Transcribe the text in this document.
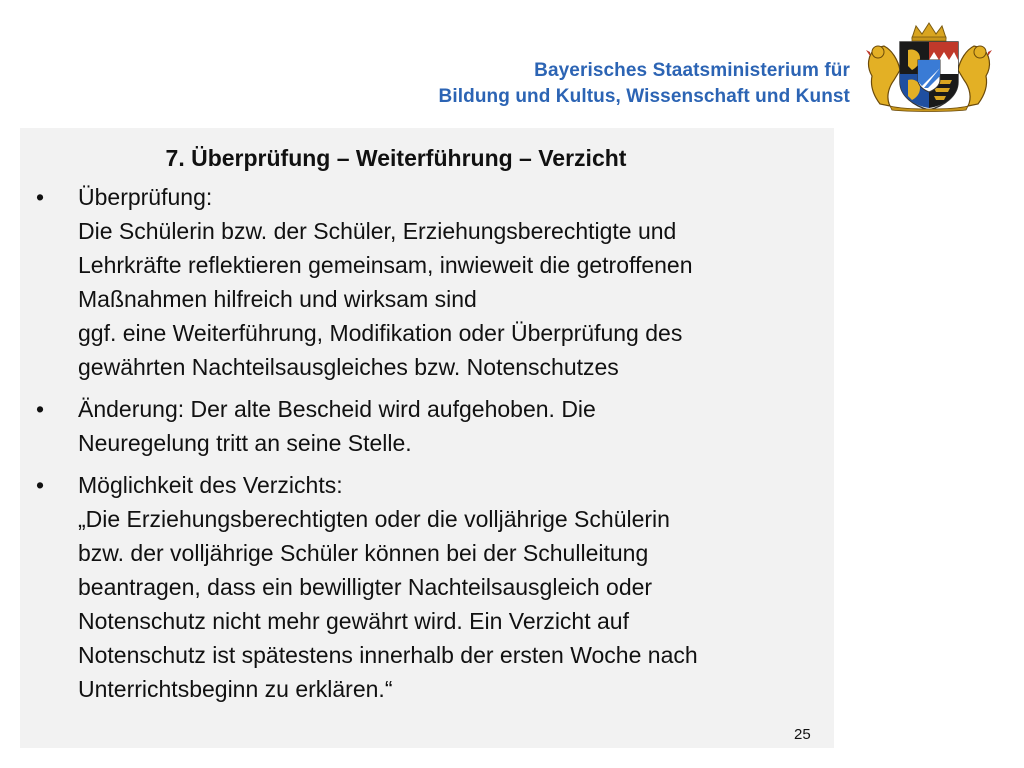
Bayerisches Staatsministerium für
Bildung und Kultus, Wissenschaft und Kunst
7. Überprüfung – Weiterführung – Verzicht
• Überprüfung:
Die Schülerin bzw. der Schüler, Erziehungsberechtigte und
Lehrkräfte reflektieren gemeinsam, inwieweit die getroffenen
Maßnahmen hilfreich und wirksam sind
ggf. eine Weiterführung, Modifikation oder Überprüfung des
gewährten Nachteilsausgleiches bzw. Notenschutzes
• Änderung: Der alte Bescheid wird aufgehoben. Die
Neuregelung tritt an seine Stelle.
• Möglichkeit des Verzichts:
„Die Erziehungsberechtigten oder die volljährige Schülerin
bzw. der volljährige Schüler können bei der Schulleitung
beantragen, dass ein bewilligter Nachteilsausgleich oder
Notenschutz nicht mehr gewährt wird. Ein Verzicht auf
Notenschutz ist spätestens innerhalb der ersten Woche nach
Unterrichtsbeginn zu erklären.“
25
